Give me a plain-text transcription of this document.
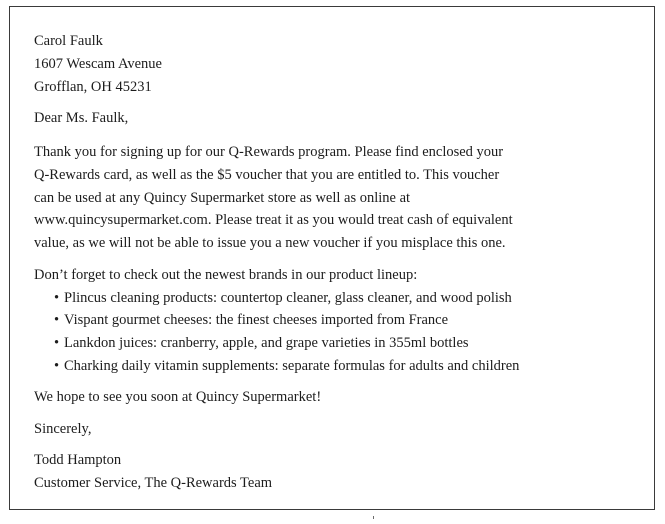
Carol Faulk
1607 Wescam Avenue
Grofflan, OH 45231
Dear Ms. Faulk,
Thank you for signing up for our Q-Rewards program. Please find enclosed your
Q-Rewards card, as well as the $5 voucher that you are entitled to. This voucher
can be used at any Quincy Supermarket store as well as online at
www.quincysupermarket.com. Please treat it as you would treat cash of equivalent
value, as we will not be able to issue you a new voucher if you misplace this one.
Don’t forget to check out the newest brands in our product lineup:
• Plincus cleaning products: countertop cleaner, glass cleaner, and wood polish
• Vispant gourmet cheeses: the finest cheeses imported from France
• Lankdon juices: cranberry, apple, and grape varieties in 355ml bottles
• Charking daily vitamin supplements: separate formulas for adults and children
We hope to see you soon at Quincy Supermarket!
Sincerely,
Todd Hampton
Customer Service, The Q-Rewards Team
